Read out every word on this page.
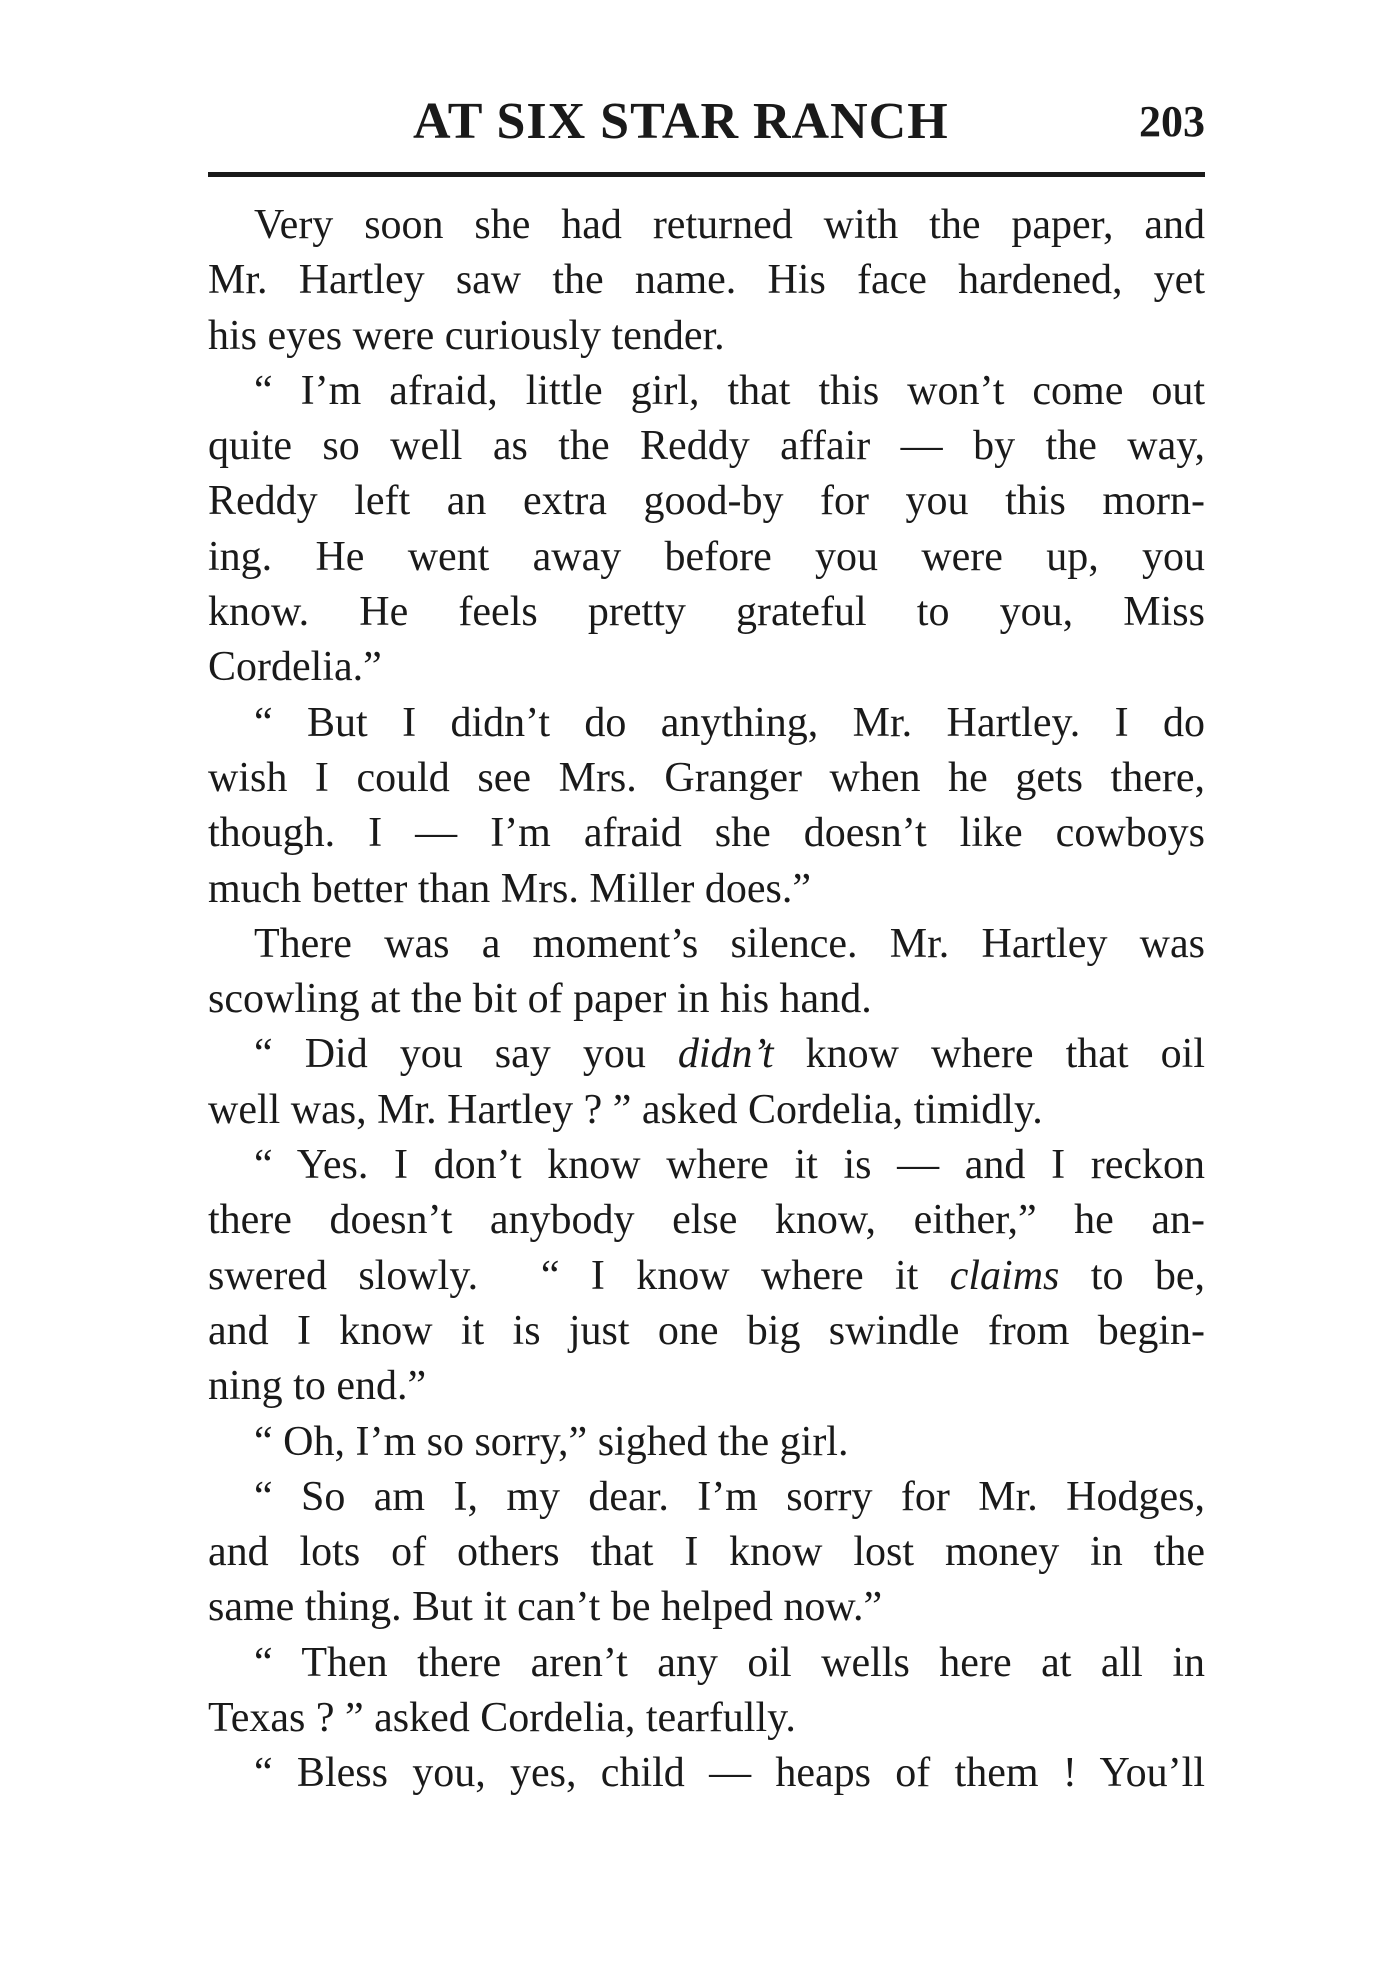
AT SIX STAR RANCH	203
Very soon she had returned with the paper, and
Mr. Hartley saw the name. His face hardened, yet
his eyes were curiously tender.
“ I’m afraid, little girl, that this won’t come out
quite so well as the Reddy affair — by the way,
Reddy left an extra good-by for you this morn-
ing. He went away before you were up, you
know. He feels pretty grateful to you, Miss
Cordelia.”
“ But I didn’t do anything, Mr. Hartley. I do
wish I could see Mrs. Granger when he gets there,
though. I — I’m afraid she doesn’t like cowboys
much better than Mrs. Miller does.”
There was a moment’s silence. Mr. Hartley was
scowling at the bit of paper in his hand.
“ Did you say you didn’t know where that oil
well was, Mr. Hartley ? ” asked Cordelia, timidly.
“ Yes. I don’t know where it is — and I reckon
there doesn’t anybody else know, either,” he an-
swered slowly.  “ I know where it claims to be,
and I know it is just one big swindle from begin-
ning to end.”
“ Oh, I’m so sorry,” sighed the girl.
“ So am I, my dear. I’m sorry for Mr. Hodges,
and lots of others that I know lost money in the
same thing. But it can’t be helped now.”
“ Then there aren’t any oil wells here at all in
Texas ? ” asked Cordelia, tearfully.
“ Bless you, yes, child — heaps of them ! You’ll
